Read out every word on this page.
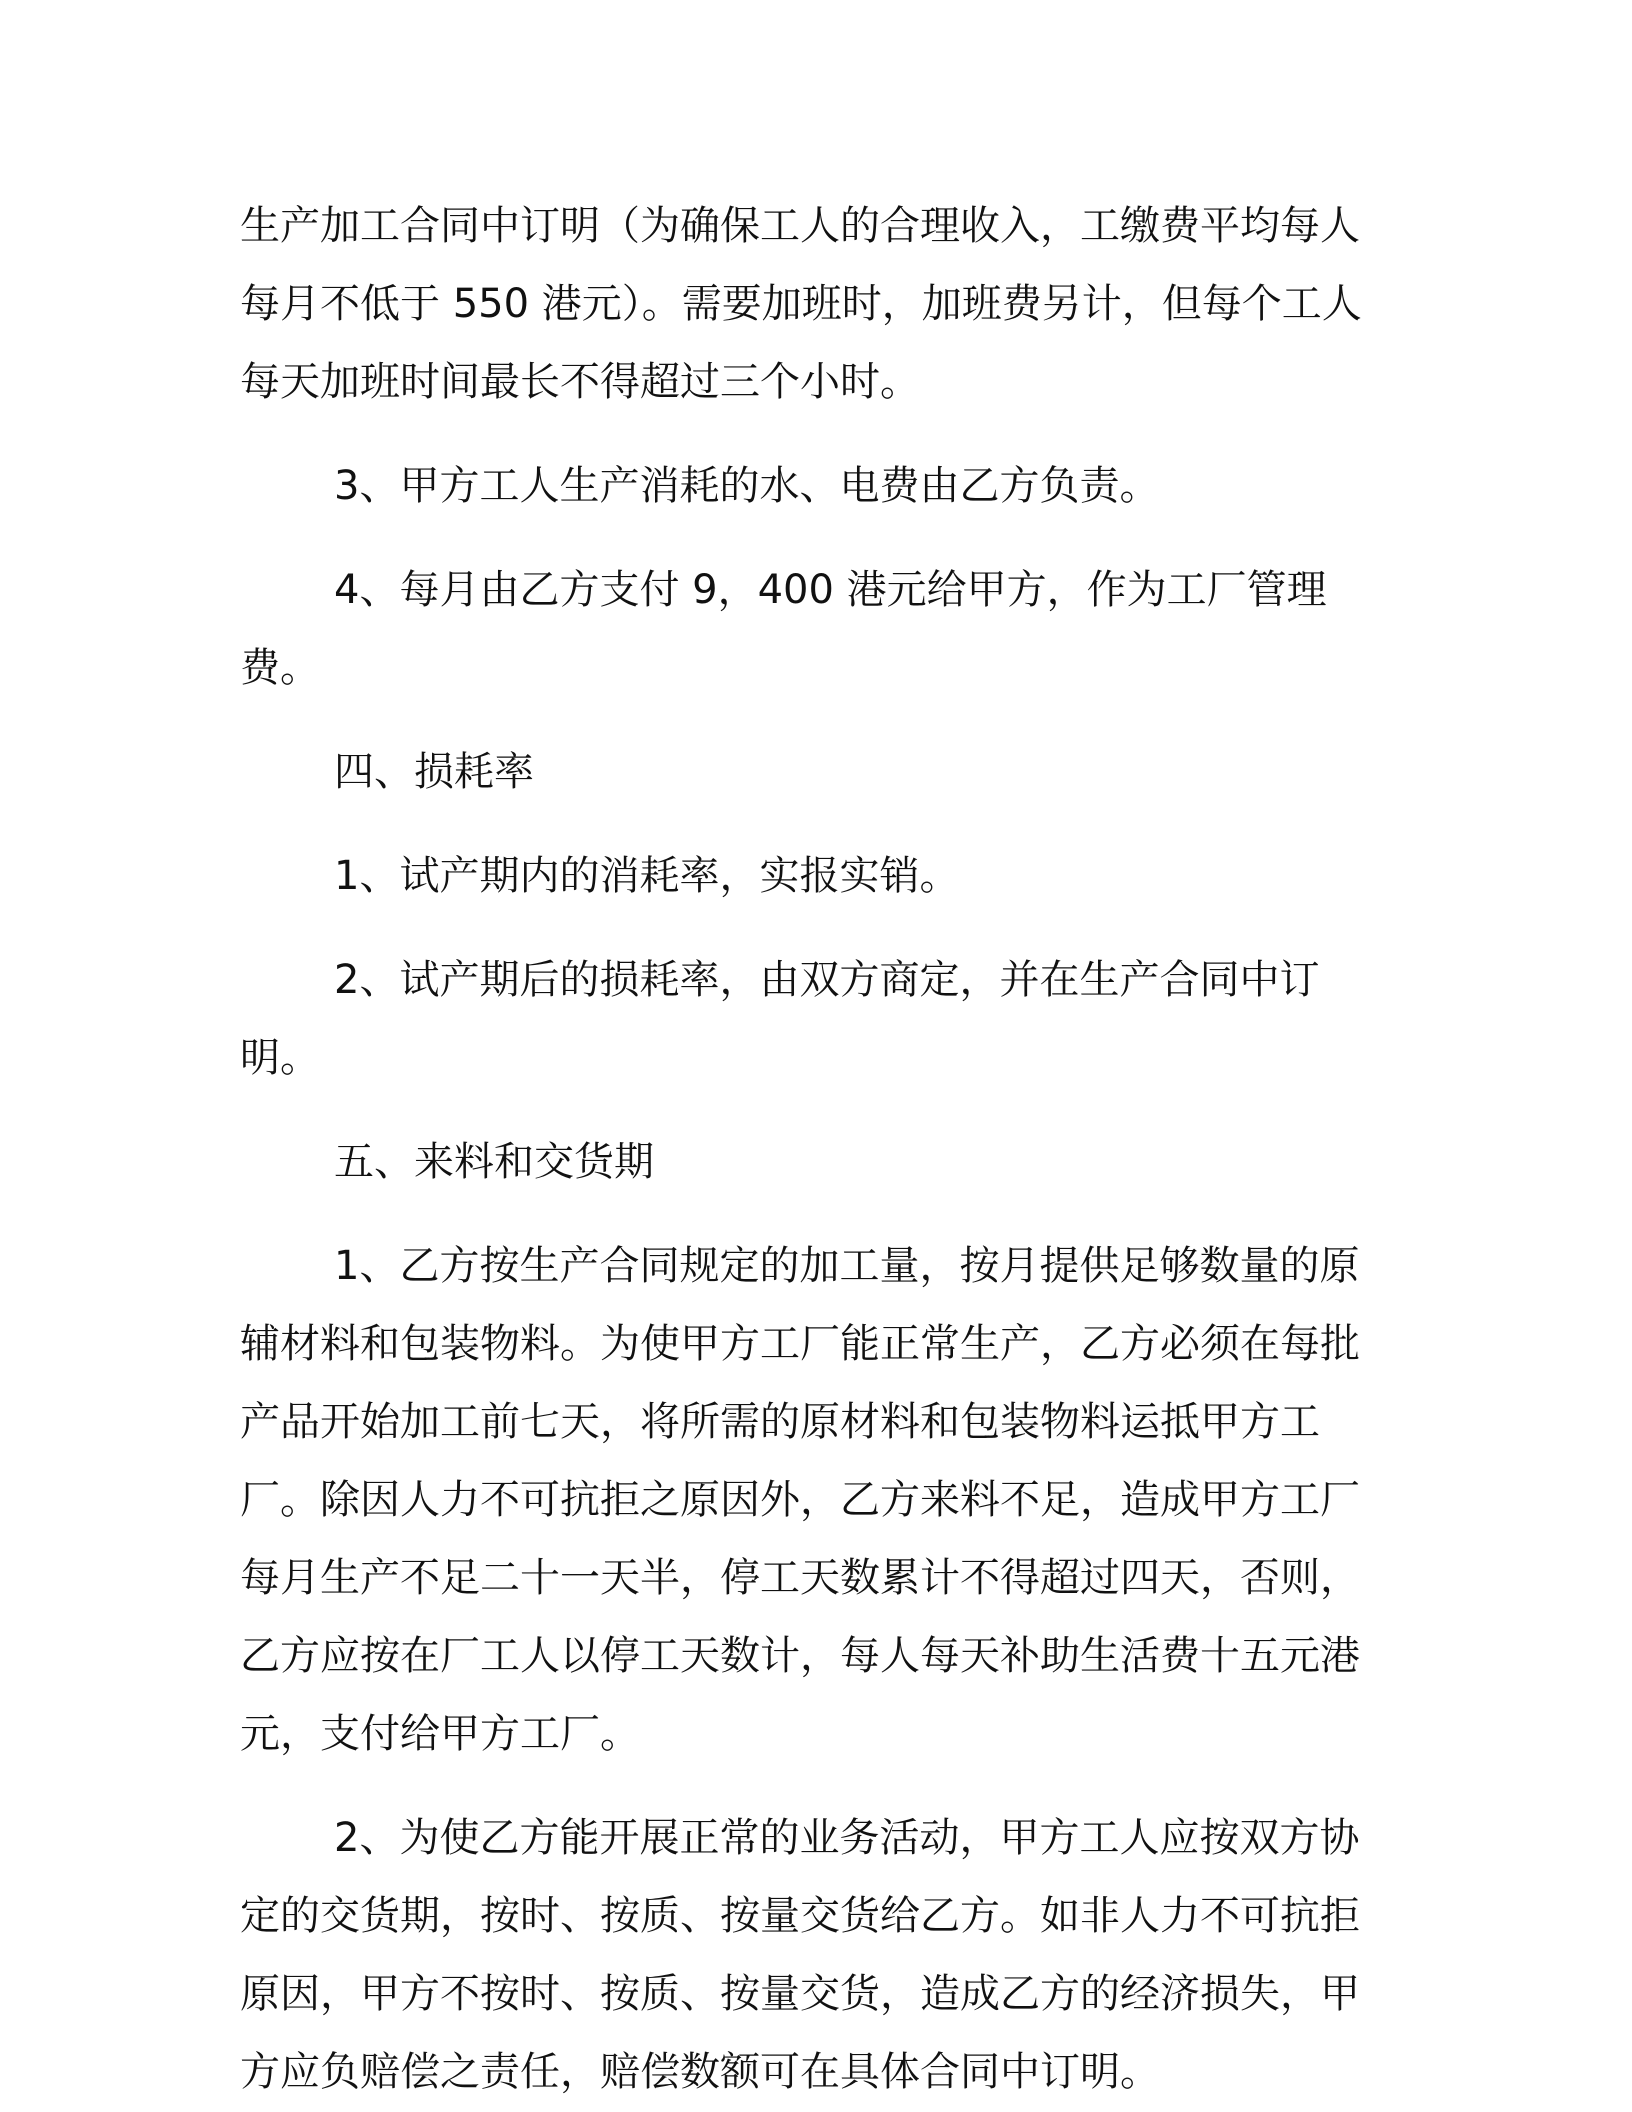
生产加工合同中订明（为确保工人的合理收入，工缴费平均每人每月不低于 550 港元）。需要加班时，加班费另计，但每个工人每天加班时间最长不得超过三个小时。

3、甲方工人生产消耗的水、电费由乙方负责。

4、每月由乙方支付 9，400 港元给甲方，作为工厂管理费。

四、损耗率

1、试产期内的消耗率，实报实销。

2、试产期后的损耗率，由双方商定，并在生产合同中订明。

五、来料和交货期

1、乙方按生产合同规定的加工量，按月提供足够数量的原辅材料和包装物料。为使甲方工厂能正常生产，乙方必须在每批产品开始加工前七天，将所需的原材料和包装物料运抵甲方工厂。除因人力不可抗拒之原因外，乙方来料不足，造成甲方工厂每月生产不足二十一天半，停工天数累计不得超过四天，否则，乙方应按在厂工人以停工天数计，每人每天补助生活费十五元港元，支付给甲方工厂。

2、为使乙方能开展正常的业务活动，甲方工人应按双方协定的交货期，按时、按质、按量交货给乙方。如非人力不可抗拒原因，甲方不按时、按质、按量交货，造成乙方的经济损失，甲方应负赔偿之责任，赔偿数额可在具体合同中订明。
